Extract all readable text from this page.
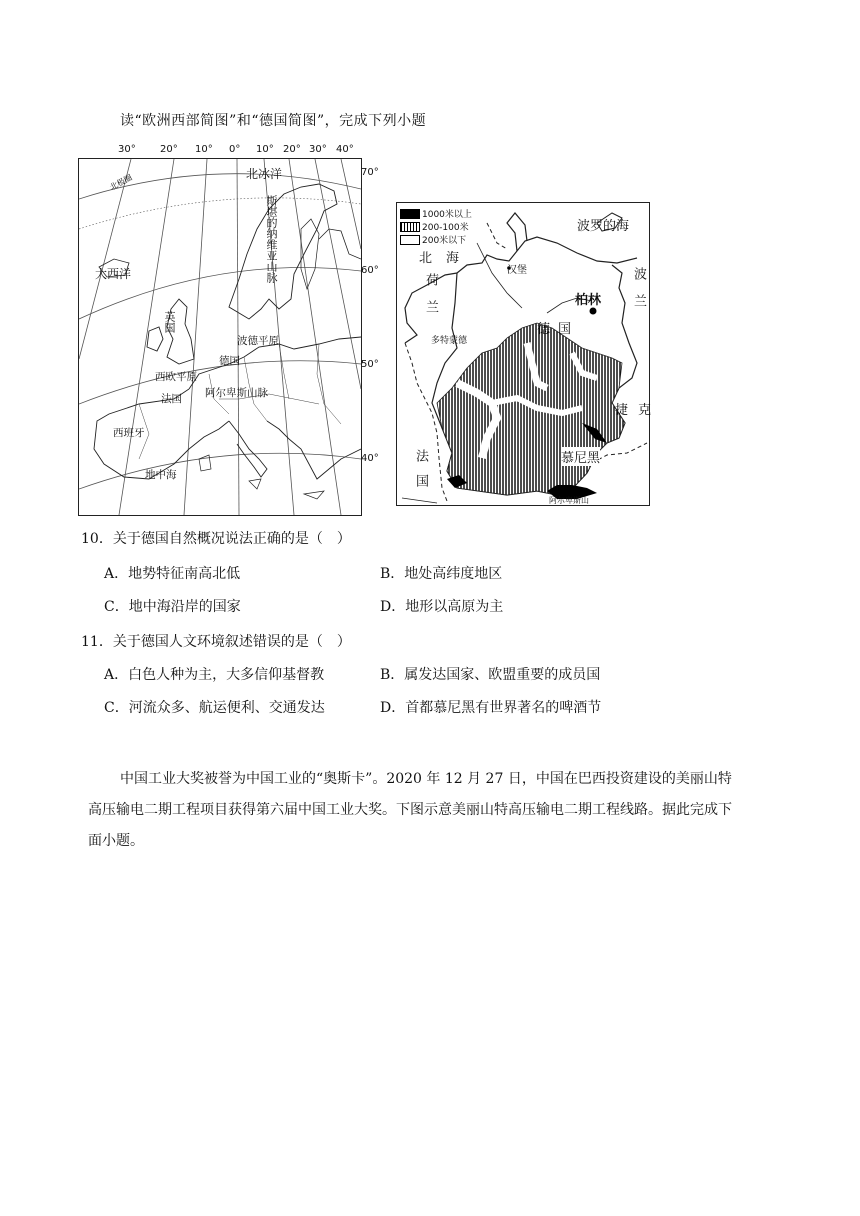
读“欧洲西部简图”和“德国简图”，完成下列小题
30° 20° 10° 0° 10° 20° 30° 40°
北冰洋
北极圈
大西洋	斯堪的纳维亚山脉
英国
波德平原
德国
西欧平原
法国 阿尔卑斯山脉
西班牙
地中海
70°
60°
50°
40°
1000米以上
200-100米
200米以下
波罗的海
北海
汉堡
柏林
荷兰
德国
波兰
多特蒙德
捷克
法国	慕尼黑
阿尔卑斯山
10．关于德国自然概况说法正确的是（　）
A．地势特征南高北低	B．地处高纬度地区
C．地中海沿岸的国家	D．地形以高原为主
11．关于德国人文环境叙述错误的是（　）
A．白色人种为主，大多信仰基督教	B．属发达国家、欧盟重要的成员国
C．河流众多、航运便利、交通发达	D．首都慕尼黑有世界著名的啤酒节
中国工业大奖被誉为中国工业的“奥斯卡”。2020 年 12 月 27 日，中国在巴西投资建设的美丽山特
高压输电二期工程项目获得第六届中国工业大奖。下图示意美丽山特高压输电二期工程线路。据此完成下
面小题。
